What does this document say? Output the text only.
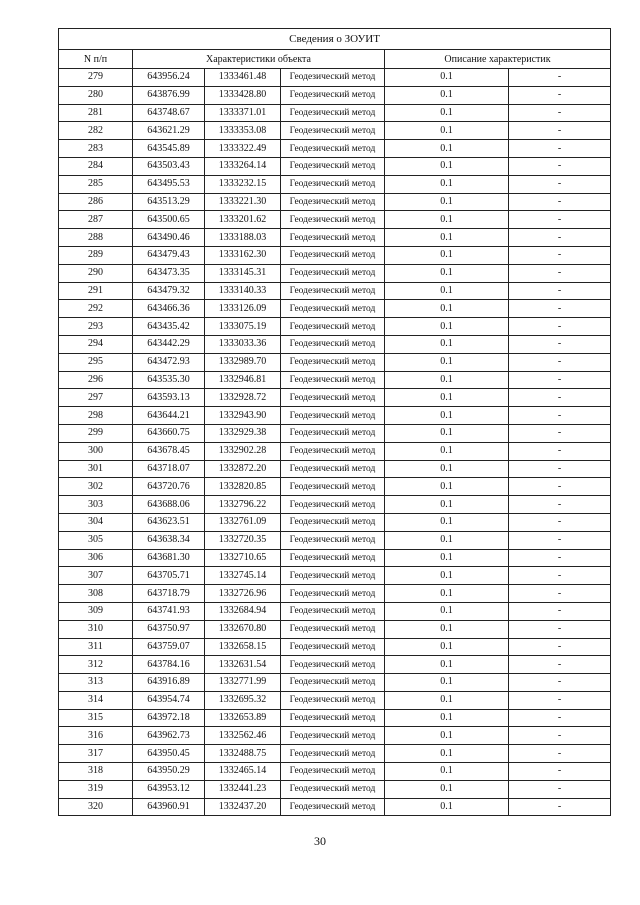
Сведения о ЗОУИТ					
N п/п	Характеристики объекта			Описание характеристик	
279	643956.24	1333461.48	Геодезический метод	0.1	-
280	643876.99	1333428.80	Геодезический метод	0.1	-
281	643748.67	1333371.01	Геодезический метод	0.1	-
282	643621.29	1333353.08	Геодезический метод	0.1	-
283	643545.89	1333322.49	Геодезический метод	0.1	-
284	643503.43	1333264.14	Геодезический метод	0.1	-
285	643495.53	1333232.15	Геодезический метод	0.1	-
286	643513.29	1333221.30	Геодезический метод	0.1	-
287	643500.65	1333201.62	Геодезический метод	0.1	-
288	643490.46	1333188.03	Геодезический метод	0.1	-
289	643479.43	1333162.30	Геодезический метод	0.1	-
290	643473.35	1333145.31	Геодезический метод	0.1	-
291	643479.32	1333140.33	Геодезический метод	0.1	-
292	643466.36	1333126.09	Геодезический метод	0.1	-
293	643435.42	1333075.19	Геодезический метод	0.1	-
294	643442.29	1333033.36	Геодезический метод	0.1	-
295	643472.93	1332989.70	Геодезический метод	0.1	-
296	643535.30	1332946.81	Геодезический метод	0.1	-
297	643593.13	1332928.72	Геодезический метод	0.1	-
298	643644.21	1332943.90	Геодезический метод	0.1	-
299	643660.75	1332929.38	Геодезический метод	0.1	-
300	643678.45	1332902.28	Геодезический метод	0.1	-
301	643718.07	1332872.20	Геодезический метод	0.1	-
302	643720.76	1332820.85	Геодезический метод	0.1	-
303	643688.06	1332796.22	Геодезический метод	0.1	-
304	643623.51	1332761.09	Геодезический метод	0.1	-
305	643638.34	1332720.35	Геодезический метод	0.1	-
306	643681.30	1332710.65	Геодезический метод	0.1	-
307	643705.71	1332745.14	Геодезический метод	0.1	-
308	643718.79	1332726.96	Геодезический метод	0.1	-
309	643741.93	1332684.94	Геодезический метод	0.1	-
310	643750.97	1332670.80	Геодезический метод	0.1	-
311	643759.07	1332658.15	Геодезический метод	0.1	-
312	643784.16	1332631.54	Геодезический метод	0.1	-
313	643916.89	1332771.99	Геодезический метод	0.1	-
314	643954.74	1332695.32	Геодезический метод	0.1	-
315	643972.18	1332653.89	Геодезический метод	0.1	-
316	643962.73	1332562.46	Геодезический метод	0.1	-
317	643950.45	1332488.75	Геодезический метод	0.1	-
318	643950.29	1332465.14	Геодезический метод	0.1	-
319	643953.12	1332441.23	Геодезический метод	0.1	-
320	643960.91	1332437.20	Геодезический метод	0.1	-
30
